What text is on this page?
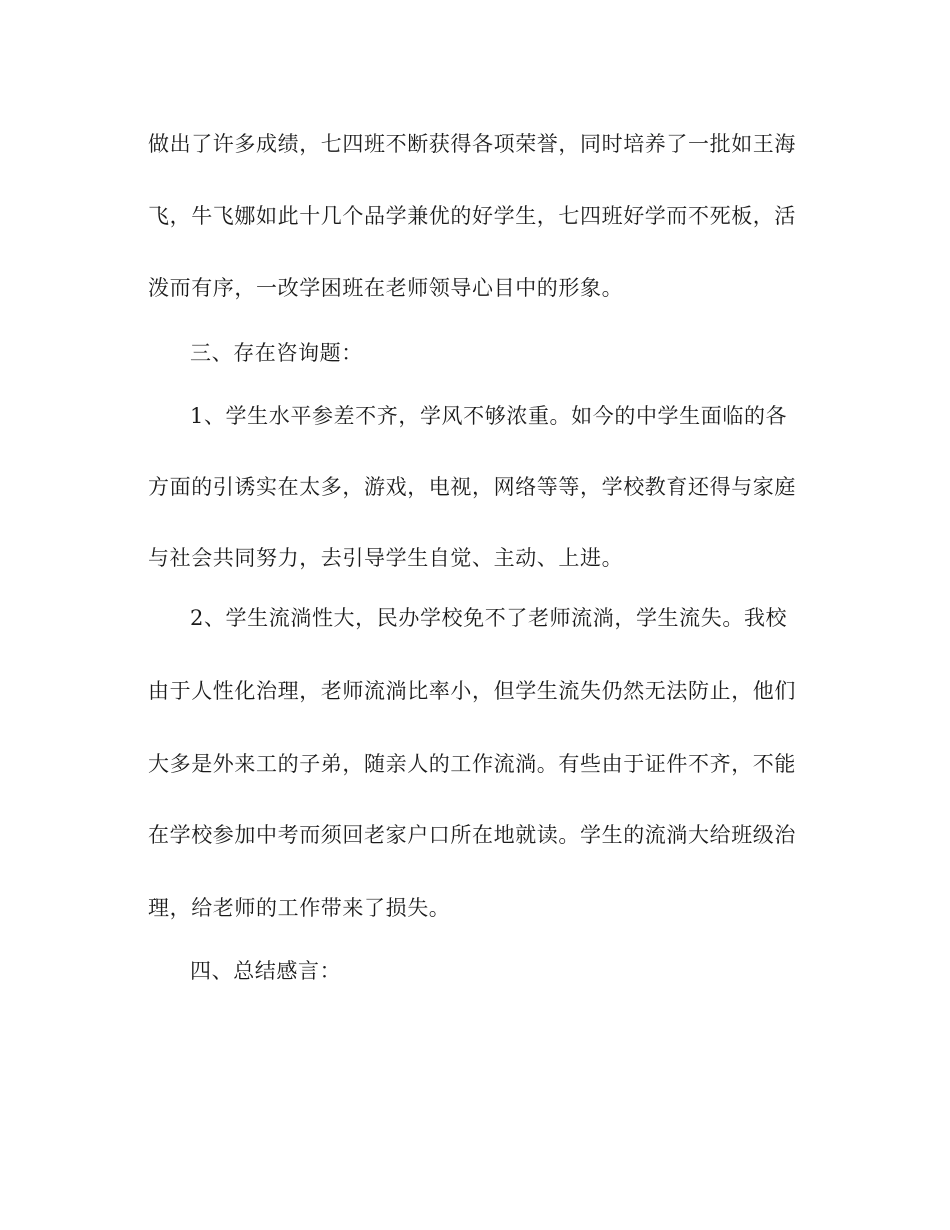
做出了许多成绩，七四班不断获得各项荣誉，同时培养了一批如王海
飞，牛飞娜如此十几个品学兼优的好学生，七四班好学而不死板，活
泼而有序，一改学困班在老师领导心目中的形象。
三、存在咨询题：
1、学生水平参差不齐，学风不够浓重。如今的中学生面临的各
方面的引诱实在太多，游戏，电视，网络等等，学校教育还得与家庭
与社会共同努力，去引导学生自觉、主动、上进。
2、学生流淌性大，民办学校免不了老师流淌，学生流失。我校
由于人性化治理，老师流淌比率小，但学生流失仍然无法防止，他们
大多是外来工的子弟，随亲人的工作流淌。有些由于证件不齐，不能
在学校参加中考而须回老家户口所在地就读。学生的流淌大给班级治
理，给老师的工作带来了损失。
四、总结感言：
